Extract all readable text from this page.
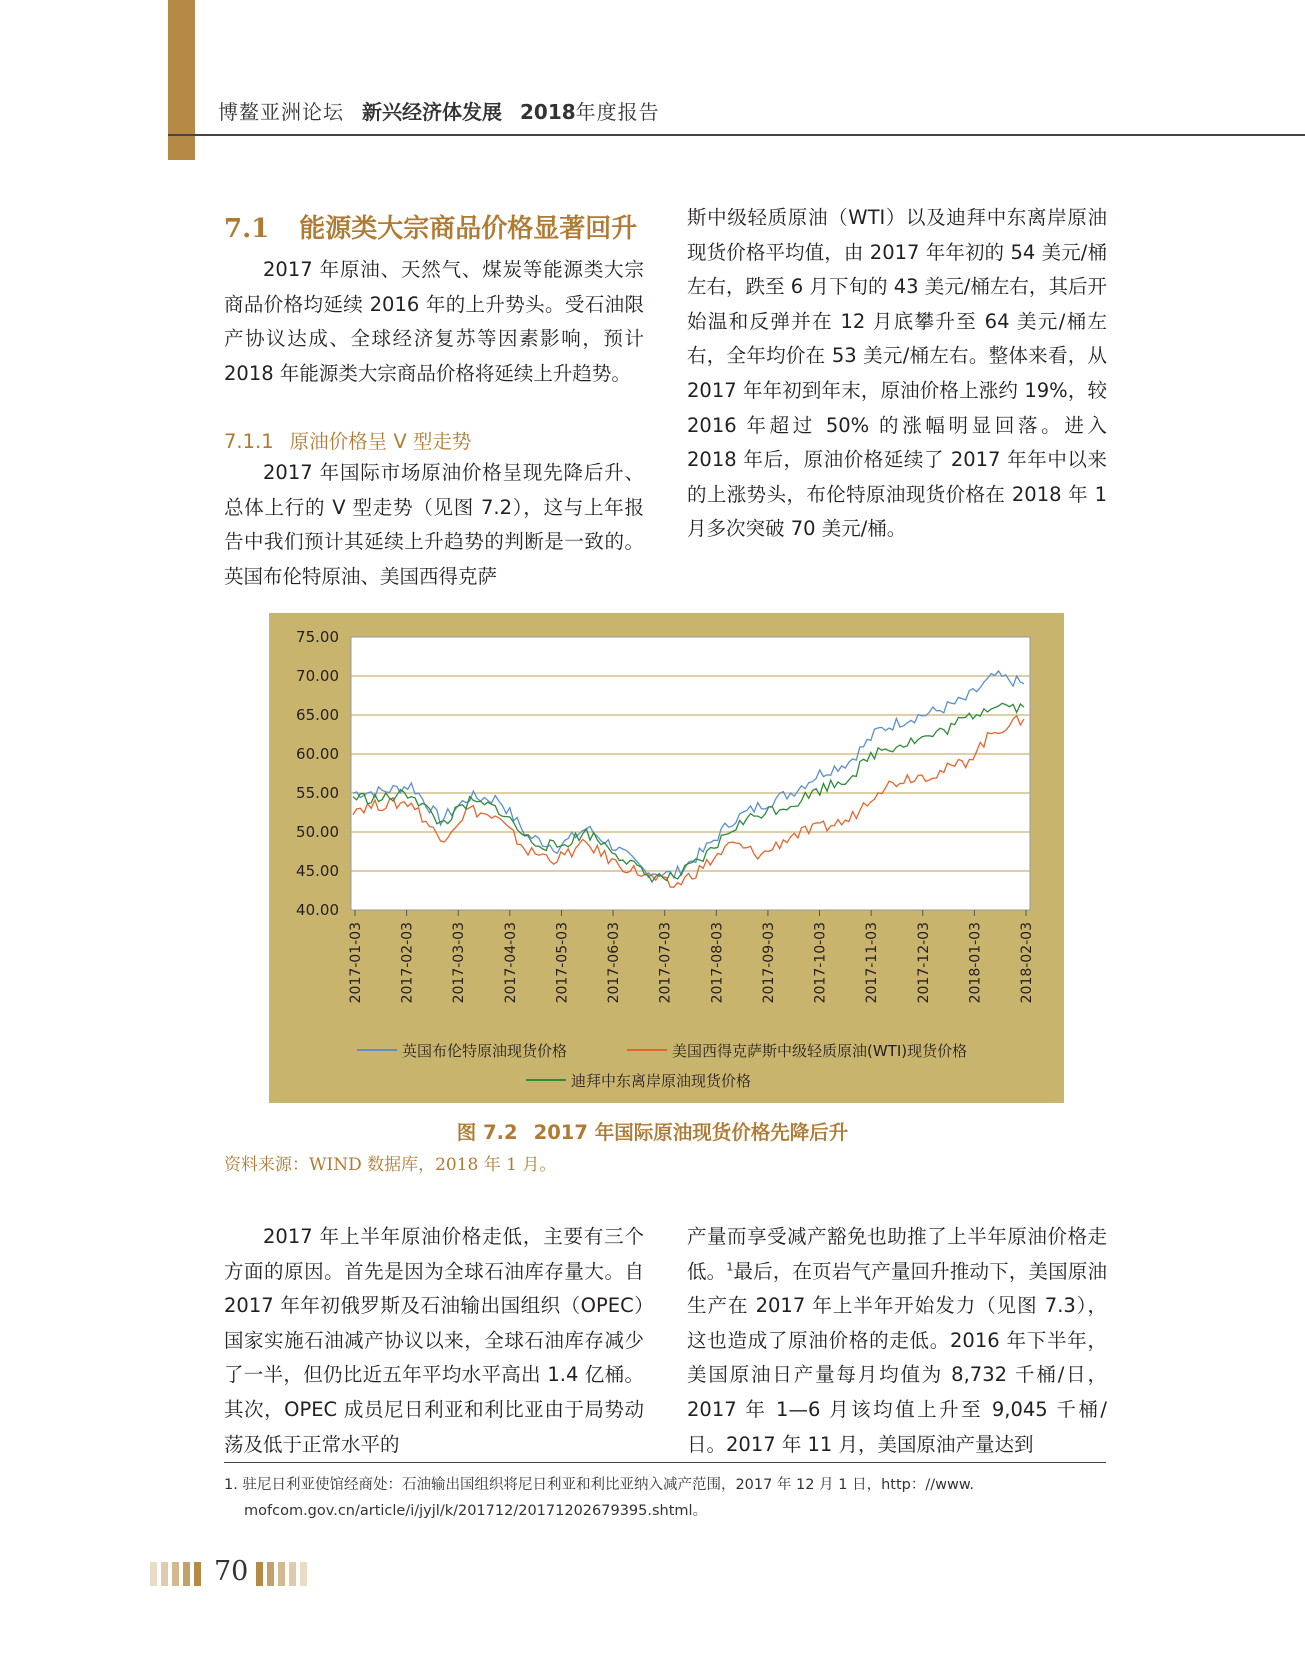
博鳌亚洲论坛 新兴经济体发展 2018年度报告
7.1 能源类大宗商品价格显著回升

2017 年原油、天然气、煤炭等能源类大宗商品价格均延续 2016 年的上升势头。受石油限产协议达成、全球经济复苏等因素影响，预计 2018 年能源类大宗商品价格将延续上升趋势。

7.1.1 原油价格呈 V 型走势

2017 年国际市场原油价格呈现先降后升、总体上行的 V 型走势（见图 7.2），这与上年报告中我们预计其延续上升趋势的判断是一致的。英国布伦特原油、美国西得克萨

斯中级轻质原油（WTI）以及迪拜中东离岸原油现货价格平均值，由 2017 年年初的 54 美元/桶左右，跌至 6 月下旬的 43 美元/桶左右，其后开始温和反弹并在 12 月底攀升至 64 美元/桶左右，全年均价在 53 美元/桶左右。整体来看，从 2017 年年初到年末，原油价格上涨约 19%，较 2016 年超过 50% 的涨幅明显回落。进入 2018 年后，原油价格延续了 2017 年年中以来的上涨势头，布伦特原油现货价格在 2018 年 1 月多次突破 70 美元/桶。

75.00
70.00
65.00
60.00
55.00
50.00
45.00
40.00
2017-01-03	2017-02-03	2017-03-03	2017-04-03	2017-05-03	2017-06-03	2017-07-03	2017-08-03	2017-09-03	2017-10-03	2017-11-03	2017-12-03	2018-01-03	2018-02-03
英国布伦特原油现货价格	美国西得克萨斯中级轻质原油(WTI)现货价格
迪拜中东离岸原油现货价格
图 7.2 2017 年国际原油现货价格先降后升
资料来源：WIND 数据库，2018 年 1 月。

2017 年上半年原油价格走低，主要有三个方面的原因。首先是因为全球石油库存量大。自 2017 年年初俄罗斯及石油输出国组织（OPEC）国家实施石油减产协议以来，全球石油库存减少了一半，但仍比近五年平均水平高出 1.4 亿桶。其次，OPEC 成员尼日利亚和利比亚由于局势动荡及低于正常水平的

产量而享受减产豁免也助推了上半年原油价格走低。$^1$最后，在页岩气产量回升推动下，美国原油生产在 2017 年上半年开始发力（见图 7.3），这也造成了原油价格的走低。2016 年下半年，美国原油日产量每月均值为 8,732 千桶/日，2017 年 1—6 月该均值上升至 9,045 千桶/日。2017 年 11 月，美国原油产量达到

1. 驻尼日利亚使馆经商处：石油输出国组织将尼日利亚和利比亚纳入减产范围，2017 年 12 月 1 日，http：//www.
mofcom.gov.cn/article/i/jyjl/k/201712/20171202679395.shtml。
70
